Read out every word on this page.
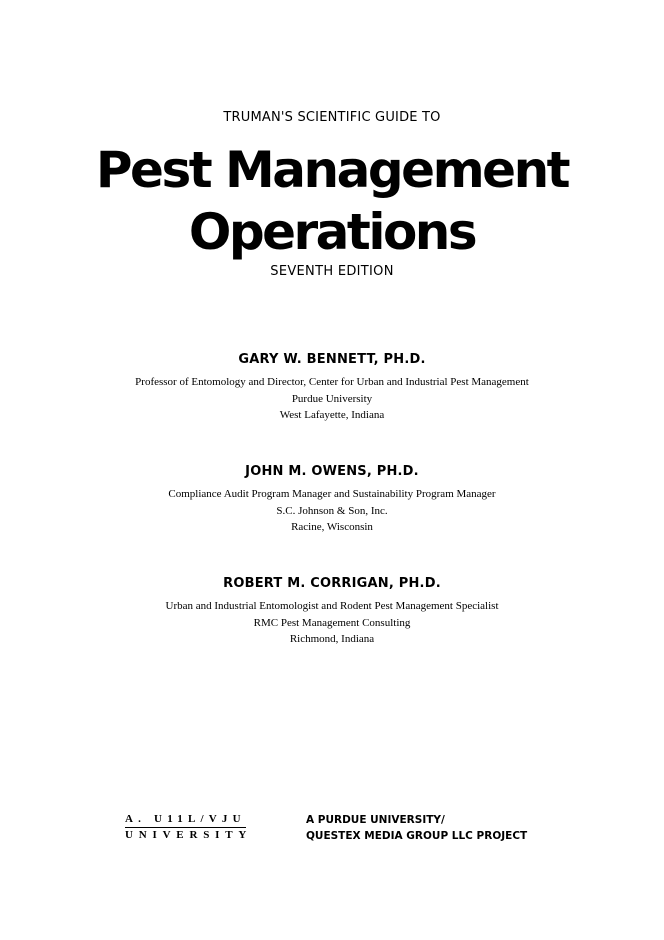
TRUMAN'S SCIENTIFIC GUIDE TO
Pest Management
Operations
SEVENTH EDITION
GARY W. BENNETT, PH.D.
Professor of Entomology and Director, Center for Urban and Industrial Pest Management
Purdue University
West Lafayette, Indiana
JOHN M. OWENS, PH.D.
Compliance Audit Program Manager and Sustainability Program Manager
S.C. Johnson & Son, Inc.
Racine, Wisconsin
ROBERT M. CORRIGAN, PH.D.
Urban and Industrial Entomologist and Rodent Pest Management Specialist
RMC Pest Management Consulting
Richmond, Indiana
A. U11L/VJU
UNIVERSITY
A PURDUE UNIVERSITY/
QUESTEX MEDIA GROUP LLC PROJECT
